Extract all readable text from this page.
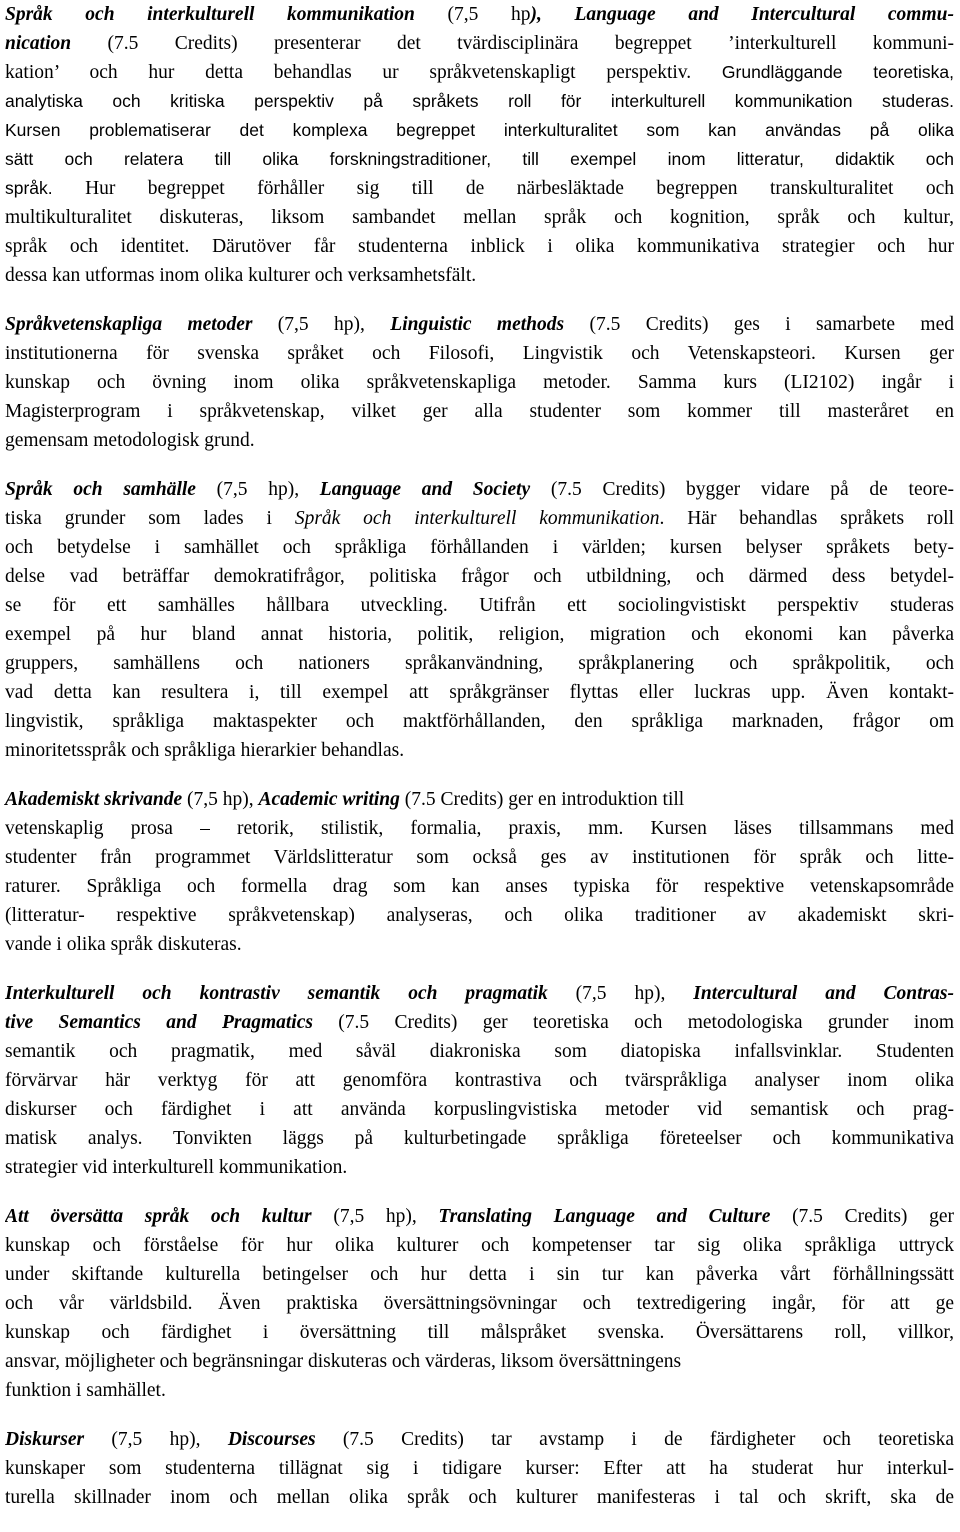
Språk och interkulturell kommunikation (7,5 hp), Language and Intercultural commu-
nication (7.5 Credits) presenterar det tvärdisciplinära begreppet ’interkulturell kommuni-
kation’ och hur detta behandlas ur språkvetenskapligt perspektiv. Grundläggande teoretiska,
analytiska och kritiska perspektiv på språkets roll för interkulturell kommunikation studeras.
Kursen problematiserar det komplexa begreppet interkulturalitet som kan användas på olika
sätt och relatera till olika forskningstraditioner, till exempel inom litteratur, didaktik och
språk. Hur begreppet förhåller sig till de närbesläktade begreppen transkulturalitet och
multikulturalitet diskuteras, liksom sambandet mellan språk och kognition, språk och kultur,
språk och identitet. Därutöver får studenterna inblick i olika kommunikativa strategier och hur
dessa kan utformas inom olika kulturer och verksamhetsfält.
Språkvetenskapliga metoder (7,5 hp), Linguistic methods (7.5 Credits) ges i samarbete med
institutionerna för svenska språket och Filosofi, Lingvistik och Vetenskapsteori. Kursen ger
kunskap och övning inom olika språkvetenskapliga metoder. Samma kurs (LI2102) ingår i
Magisterprogram i språkvetenskap, vilket ger alla studenter som kommer till masteråret en
gemensam metodologisk grund.
Språk och samhälle (7,5 hp), Language and Society (7.5 Credits) bygger vidare på de teore-
tiska grunder som lades i Språk och interkulturell kommunikation. Här behandlas språkets roll
och betydelse i samhället och språkliga förhållanden i världen; kursen belyser språkets bety-
delse vad beträffar demokratifrågor, politiska frågor och utbildning, och därmed dess betydel-
se för ett samhälles hållbara utveckling. Utifrån ett sociolingvistiskt perspektiv studeras
exempel på hur bland annat historia, politik, religion, migration och ekonomi kan påverka
gruppers, samhällens och nationers språkanvändning, språkplanering och språkpolitik, och
vad detta kan resultera i, till exempel att språkgränser flyttas eller luckras upp. Även kontakt-
lingvistik, språkliga maktaspekter och maktförhållanden, den språkliga marknaden, frågor om
minoritetsspråk och språkliga hierarkier behandlas.
Akademiskt skrivande (7,5 hp), Academic writing (7.5 Credits) ger en introduktion till
vetenskaplig prosa – retorik, stilistik, formalia, praxis, mm. Kursen läses tillsammans med
studenter från programmet Världslitteratur som också ges av institutionen för språk och litte-
raturer. Språkliga och formella drag som kan anses typiska för respektive vetenskapsområde
(litteratur- respektive språkvetenskap) analyseras, och olika traditioner av akademiskt skri-
vande i olika språk diskuteras.
Interkulturell och kontrastiv semantik och pragmatik (7,5 hp), Intercultural and Contras-
tive Semantics and Pragmatics (7.5 Credits) ger teoretiska och metodologiska grunder inom
semantik och pragmatik, med såväl diakroniska som diatopiska infallsvinklar. Studenten
förvärvar här verktyg för att genomföra kontrastiva och tvärspråkliga analyser inom olika
diskurser och färdighet i att använda korpuslingvistiska metoder vid semantisk och prag-
matisk analys. Tonvikten läggs på kulturbetingade språkliga företeelser och kommunikativa
strategier vid interkulturell kommunikation.
Att översätta språk och kultur (7,5 hp), Translating Language and Culture (7.5 Credits) ger
kunskap och förståelse för hur olika kulturer och kompetenser tar sig olika språkliga uttryck
under skiftande kulturella betingelser och hur detta i sin tur kan påverka vårt förhållningssätt
och vår världsbild. Även praktiska översättningsövningar och textredigering ingår, för att ge
kunskap och färdighet i översättning till målspråket svenska. Översättarens roll, villkor,
ansvar, möjligheter och begränsningar diskuteras och värderas, liksom översättningens
funktion i samhället.
Diskurser (7,5 hp), Discourses (7.5 Credits) tar avstamp i de färdigheter och teoretiska
kunskaper som studenterna tillägnat sig i tidigare kurser: Efter att ha studerat hur interkul-
turella skillnader inom och mellan olika språk och kulturer manifesteras i tal och skrift, ska de
